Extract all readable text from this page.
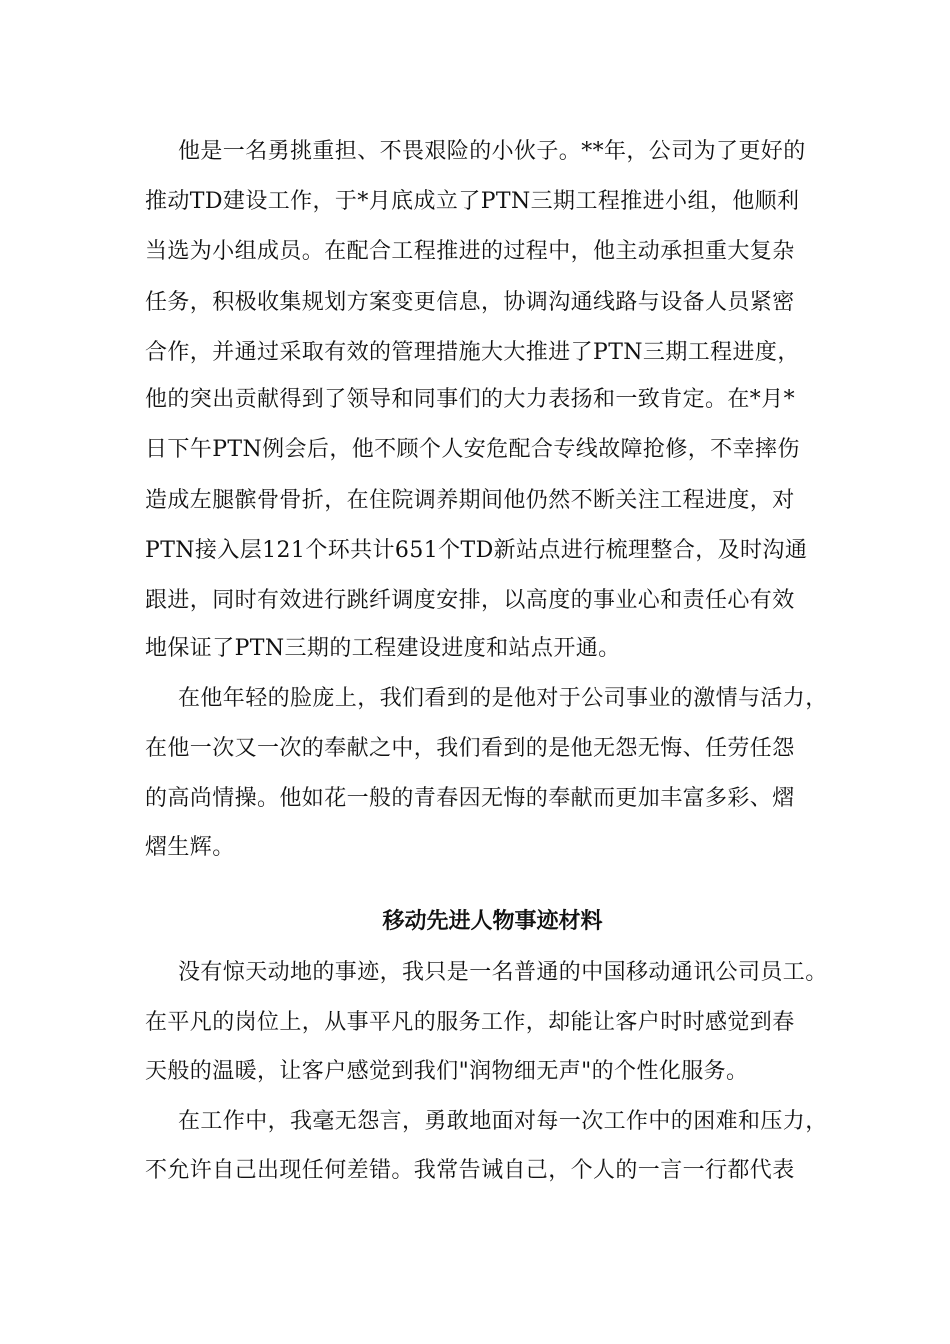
他是一名勇挑重担、不畏艰险的小伙子。**年，公司为了更好的
推动TD建设工作，于*月底成立了PTN三期工程推进小组，他顺利
当选为小组成员。在配合工程推进的过程中，他主动承担重大复杂
任务，积极收集规划方案变更信息，协调沟通线路与设备人员紧密
合作，并通过采取有效的管理措施大大推进了PTN三期工程进度，
他的突出贡献得到了领导和同事们的大力表扬和一致肯定。在*月*
日下午PTN例会后，他不顾个人安危配合专线故障抢修，不幸摔伤
造成左腿髌骨骨折，在住院调养期间他仍然不断关注工程进度，对
PTN接入层121个环共计651个TD新站点进行梳理整合，及时沟通
跟进，同时有效进行跳纤调度安排，以高度的事业心和责任心有效
地保证了PTN三期的工程建设进度和站点开通。
在他年轻的脸庞上，我们看到的是他对于公司事业的激情与活力，
在他一次又一次的奉献之中，我们看到的是他无怨无悔、任劳任怨
的高尚情操。他如花一般的青春因无悔的奉献而更加丰富多彩、熠
熠生辉。
移动先进人物事迹材料
没有惊天动地的事迹，我只是一名普通的中国移动通讯公司员工。
在平凡的岗位上，从事平凡的服务工作，却能让客户时时感觉到春
天般的温暖，让客户感觉到我们"润物细无声"的个性化服务。
在工作中，我毫无怨言，勇敢地面对每一次工作中的困难和压力，
不允许自己出现任何差错。我常告诫自己，个人的一言一行都代表
